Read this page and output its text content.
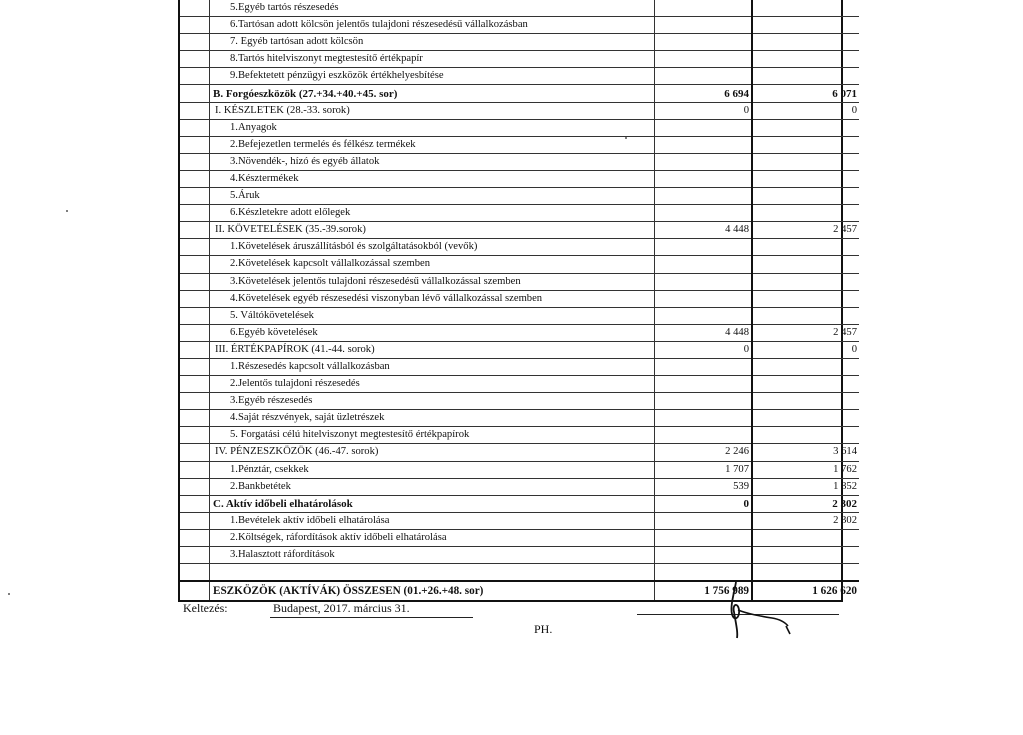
	5.Egyéb tartós részesedés		
	6.Tartósan adott kölcsön jelentős tulajdoni részesedésű vállalkozásban		
	7. Egyéb tartósan adott kölcsön		
	8.Tartós hitelviszonyt megtestesítő értékpapír		
	9.Befektetett pénzügyi eszközök értékhelyesbítése		
	B. Forgóeszközök (27.+34.+40.+45. sor)	6 694	6 071
	I. KÉSZLETEK (28.-33. sorok)	0	0
	1.Anyagok		
	2.Befejezetlen termelés és félkész termékek		
	3.Növendék-, hízó és egyéb állatok		
	4.Késztermékek		
	5.Áruk		
	6.Készletekre adott előlegek		
	II. KÖVETELÉSEK (35.-39.sorok)	4 448	2 457
	1.Követelések áruszállításból és szolgáltatásokból (vevők)		
	2.Követelések kapcsolt vállalkozással szemben		
	3.Követelések jelentős tulajdoni részesedésű vállalkozással szemben		
	4.Követelések egyéb részesedési viszonyban lévő vállalkozással szemben		
	5. Váltókövetelések		
	6.Egyéb követelések	4 448	2 457
	III. ÉRTÉKPAPÍROK (41.-44. sorok)	0	0
	1.Részesedés kapcsolt vállalkozásban		
	2.Jelentős tulajdoni részesedés		
	3.Egyéb részesedés		
	4.Saját részvények, saját üzletrészek		
	5. Forgatási célú hitelviszonyt megtestesítő értékpapírok		
	IV. PÉNZESZKÖZÖK (46.-47. sorok)	2 246	3 614
	1.Pénztár, csekkek	1 707	1 762
	2.Bankbetétek	539	1 852
	C. Aktív időbeli elhatárolások	0	2 302
	1.Bevételek aktív időbeli elhatárolása		2 302
	2.Költségek, ráfordítások aktív időbeli elhatárolása		
	3.Halasztott ráfordítások		

	ESZKÖZÖK (AKTÍVÁK) ÖSSZESEN (01.+26.+48. sor)	1 756 989	1 626 620
Keltezés:	Budapest, 2017. március 31.
PH.
